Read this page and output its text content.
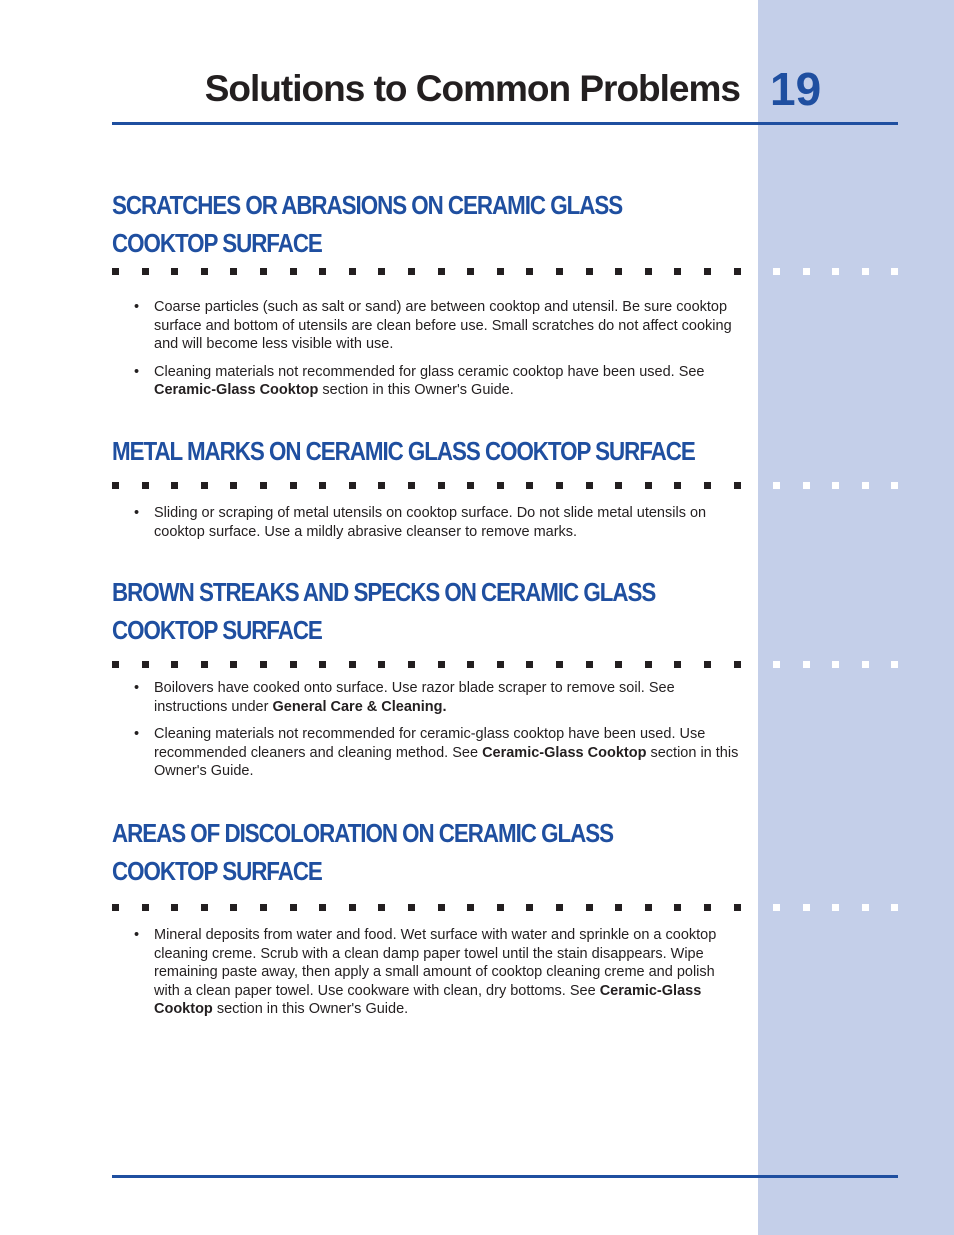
Solutions to Common Problems 19
SCRATCHES OR ABRASIONS ON CERAMIC GLASS
COOKTOP SURFACE
• Coarse particles (such as salt or sand) are between cooktop and utensil. Be sure cooktop surface and bottom of utensils are clean before use. Small scratches do not affect cooking and will become less visible with use.
• Cleaning materials not recommended for glass ceramic cooktop have been used. See Ceramic-Glass Cooktop section in this Owner's Guide.
METAL MARKS ON CERAMIC GLASS COOKTOP SURFACE
• Sliding or scraping of metal utensils on cooktop surface. Do not slide metal utensils on cooktop surface. Use a mildly abrasive cleanser to remove marks.
BROWN STREAKS AND SPECKS ON CERAMIC GLASS
COOKTOP SURFACE
• Boilovers have cooked onto surface. Use razor blade scraper to remove soil. See instructions under General Care & Cleaning.
• Cleaning materials not recommended for ceramic-glass cooktop have been used. Use recommended cleaners and cleaning method. See Ceramic-Glass Cooktop section in this Owner's Guide.
AREAS OF DISCOLORATION ON CERAMIC GLASS
COOKTOP SURFACE
• Mineral deposits from water and food. Wet surface with water and sprinkle on a cooktop cleaning creme. Scrub with a clean damp paper towel until the stain disappears. Wipe remaining paste away, then apply a small amount of cooktop cleaning creme and polish with a clean paper towel. Use cookware with clean, dry bottoms. See Ceramic-Glass Cooktop section in this Owner's Guide.
